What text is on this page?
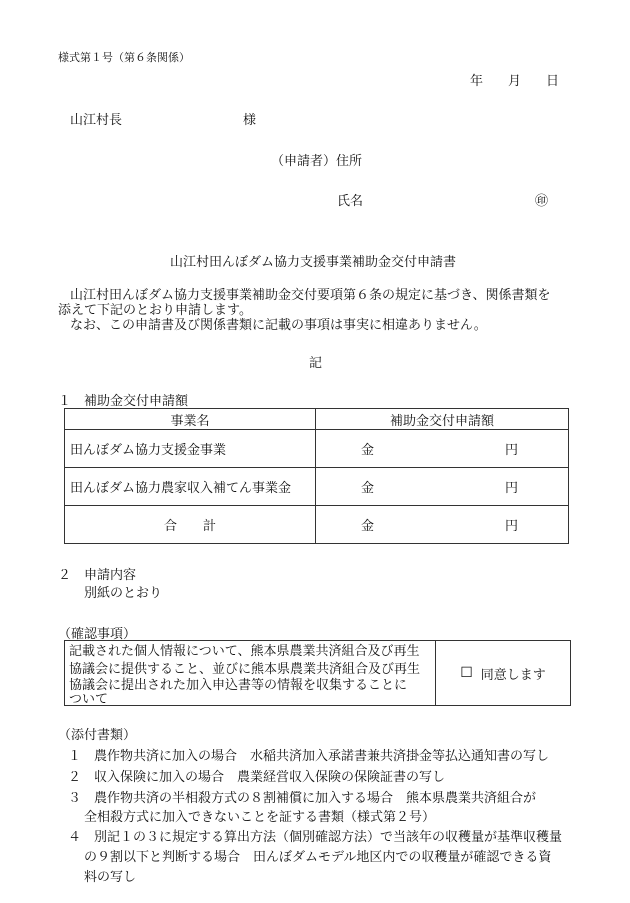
様式第１号（第６条関係）
年 月 日
山江村長	様
（申請者）住所
氏名	㊞
山江村田んぼダム協力支援事業補助金交付申請書
山江村田んぼダム協力支援事業補助金交付要項第６条の規定に基づき、関係書類を
添えて下記のとおり申請します。
なお、この申請書及び関係書類に記載の事項は事実に相違ありません。
記
１　補助金交付申請額
事業名	補助金交付申請額
田んぼダム協力支援金事業	金 円

田んぼダム協力農家収入補てん事業金	金 円

合　　計	金 円
２　申請内容
別紙のとおり
（確認事項）
記載された個人情報について、熊本県農業共済組合及び再生
協議会に提供すること、並びに熊本県農業共済組合及び再生
協議会に提出された加入申込書等の情報を収集することに
ついて
☐ 同意します
（添付書類）
１　農作物共済に加入の場合　水稲共済加入承諾書兼共済掛金等払込通知書の写し
２　収入保険に加入の場合　農業経営収入保険の保険証書の写し
３　農作物共済の半相殺方式の８割補償に加入する場合　熊本県農業共済組合が
全相殺方式に加入できないことを証する書類（様式第２号）
４　別記１の３に規定する算出方法（個別確認方法）で当該年の収穫量が基準収穫量
の９割以下と判断する場合　田んぼダムモデル地区内での収穫量が確認できる資
料の写し
